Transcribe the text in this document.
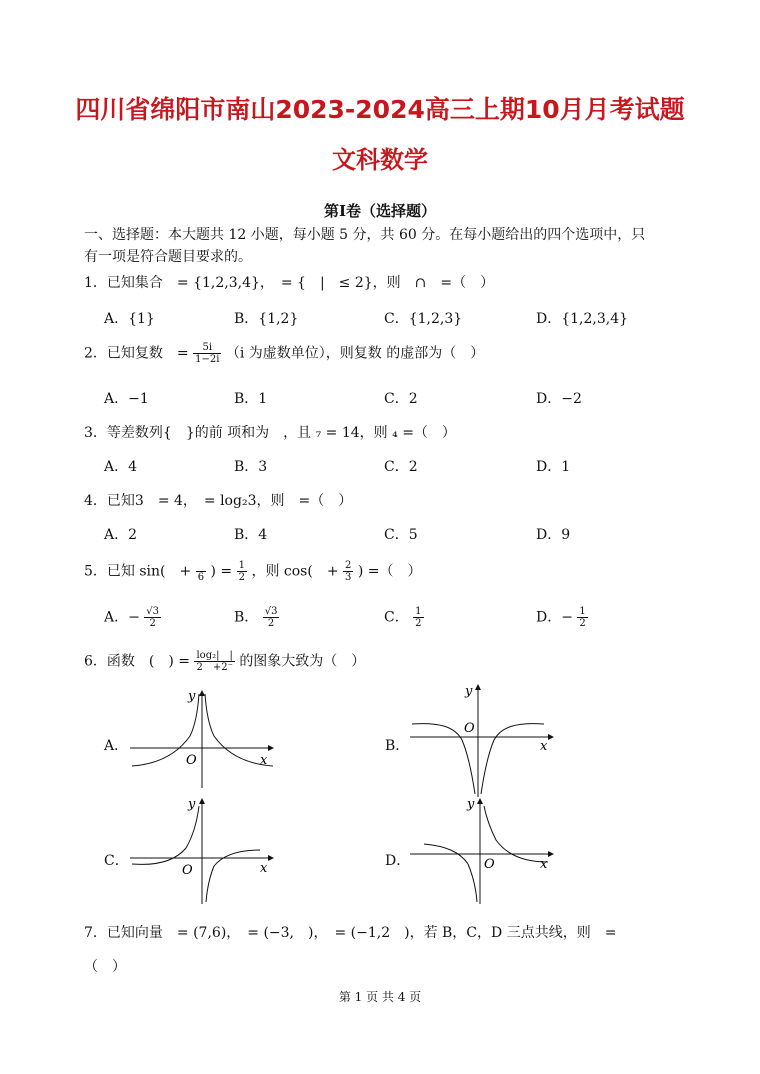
四川省绵阳市南山2023-2024高三上期10月月考试题
文科数学
第Ⅰ卷（选择题）
一、选择题：本大题共 12 小题，每小题 5 分，共 60 分。在每小题给出的四个选项中，只
有一项是符合题目要求的。
1．已知集合　= {1,2,3,4}，　= {　|　≤ 2}，则　∩　=（　）
A．{1}	B．{1,2}	C．{1,2,3}	D．{1,2,3,4}
2．已知复数　= $\frac{5i}{1-2i} (i$ 为虚数单位），则复数 的虚部为（　）
A．−1	B．1	C．2	D．−2
3．等差数列{　}的前 项和为　，且 ₇ = 14，则 ₄ =（　）
A．4	B．3	C．2	D．1
4．已知3　= 4，　= log₂3，则　=（　）
A．2	B．4	C．5	D．9
5．已知 sin(　+ 6 ) = $\frac{1}{2}$ ，则 cos(　+ $\frac{2}{3}$ ) =（　）
A．− $\frac{√3}{2}$	B． $\frac{√3}{2}$	C． $\frac{1}{2}$	D．− $\frac{1}{2}$
6．函数　(　) = $\frac{\text{log₂|　|}}{2 +2^-}$ 的图象大致为（　）
A．
O	x
y
B．
O
x
y
C．
O	x
y
D．	O	x
y
7．已知向量　= (7,6)，　= (−3,　)，　= (−1,2　)，若 B，C，D 三点共线，则　=
（　）
第 1 页 共 4 页
